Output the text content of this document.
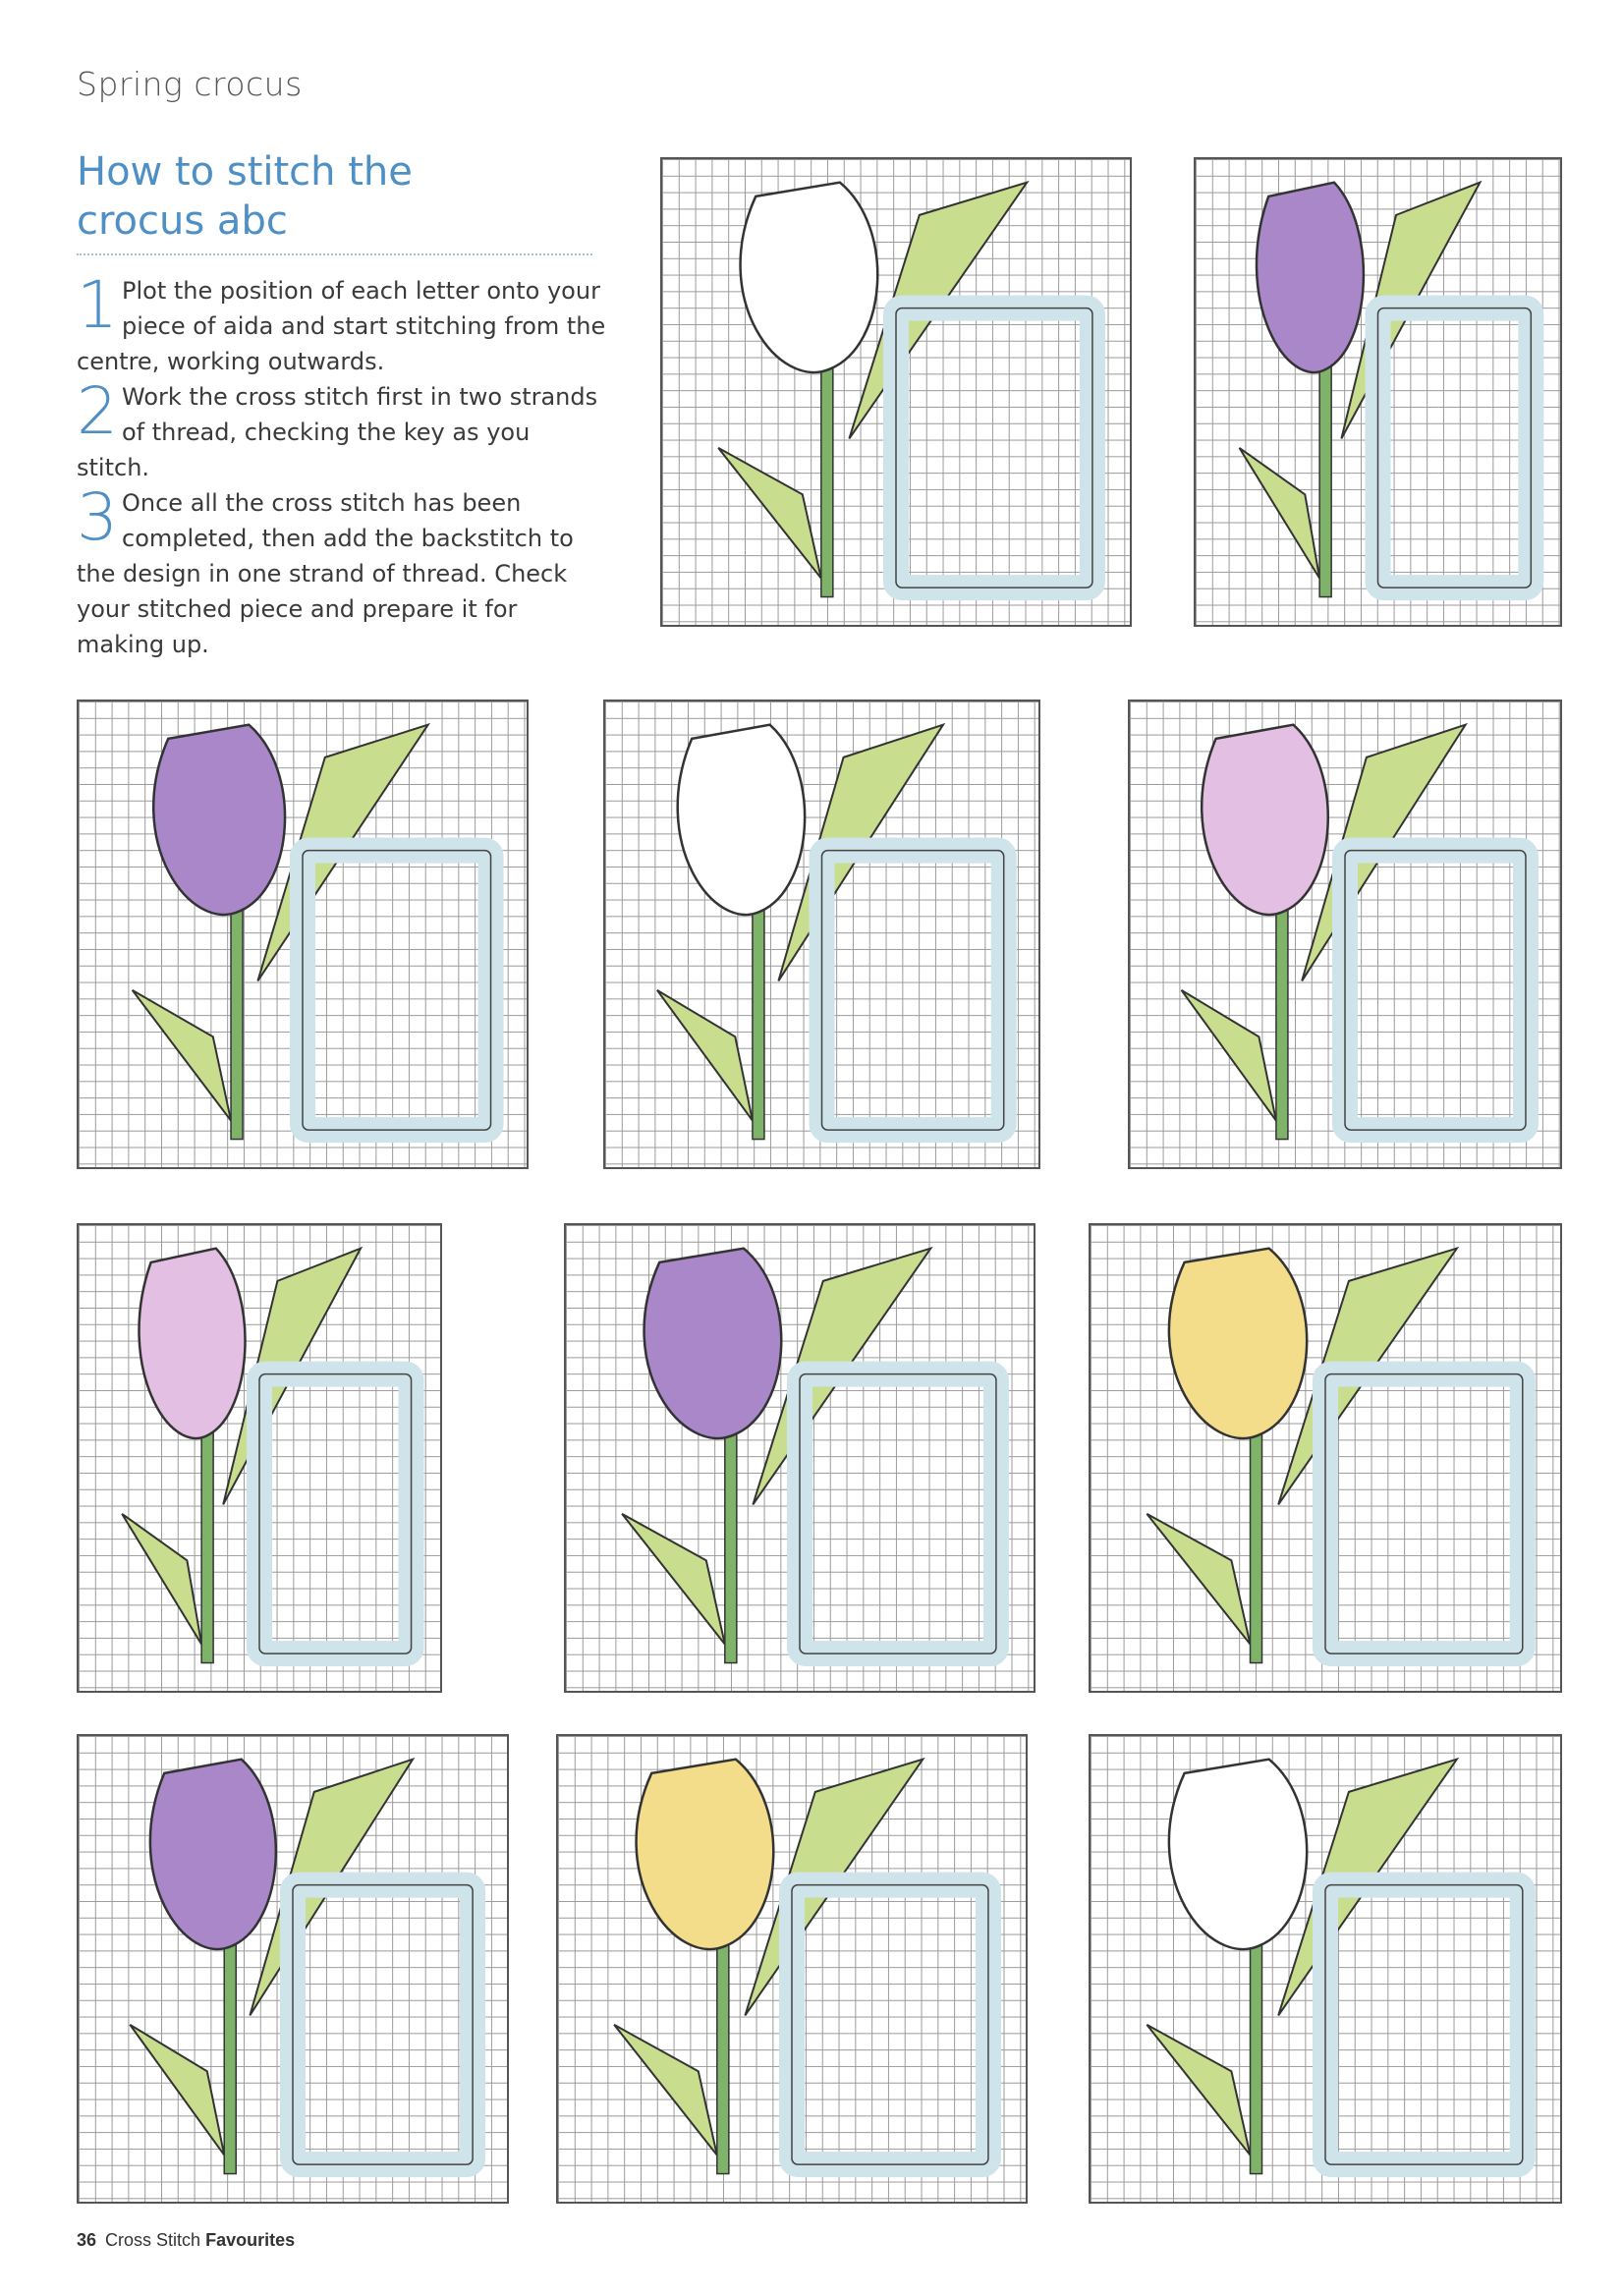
Spring crocus
How to stitch the
crocus abc
1 Plot the position of each letter onto your piece of aida and start stitching from the centre, working outwards.
2 Work the cross stitch first in two strands of thread, checking the key as you stitch.
3 Once all the cross stitch has been completed, then add the backstitch to the design in one strand of thread. Check your stitched piece and prepare it for making up.
36 Cross Stitch Favourites
